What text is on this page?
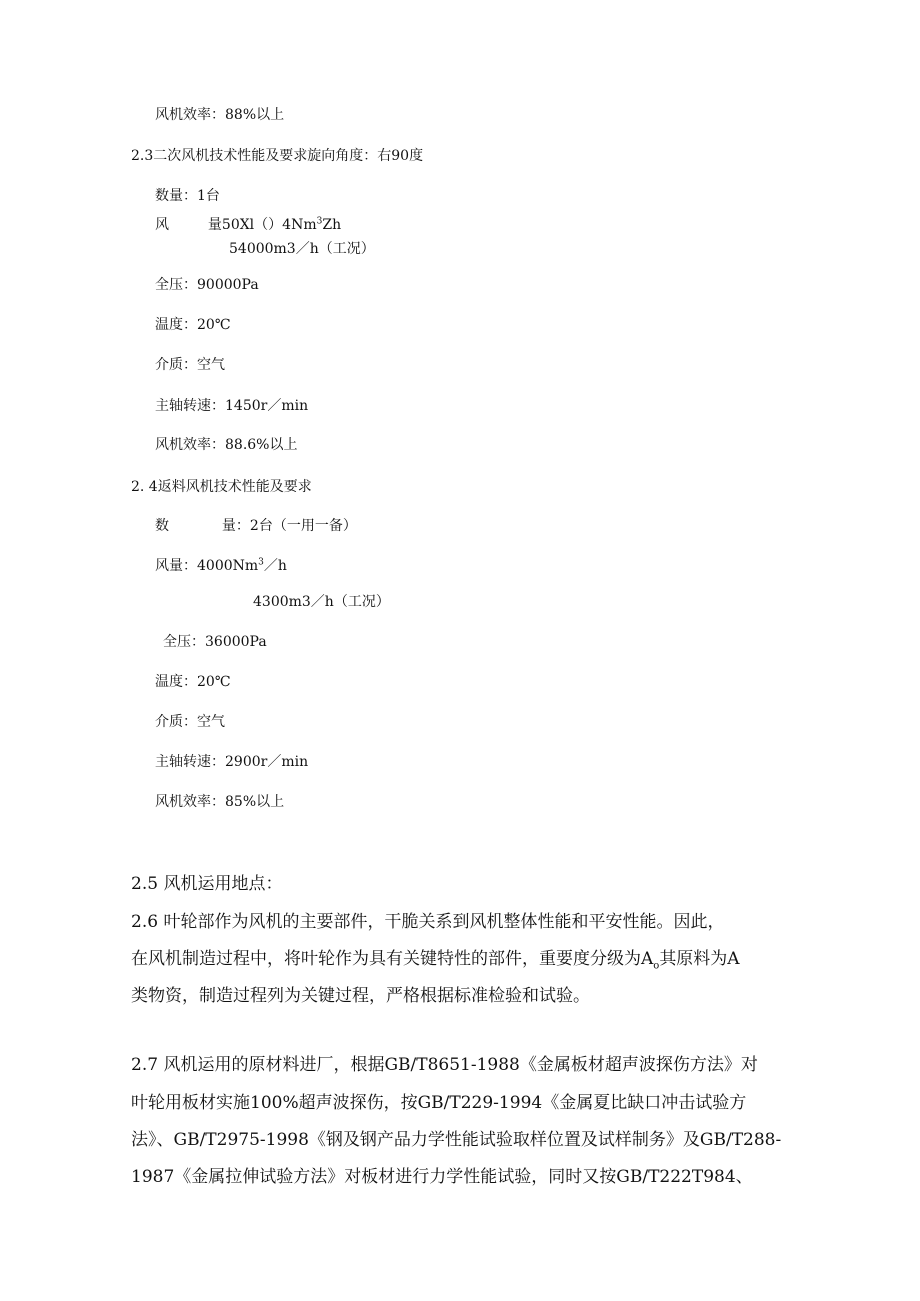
风机效率：88%以上
2.3二次风机技术性能及要求旋向角度：右90度
数量：1台
风	量50Xl（）4Nm$^3$Zh
54000m3／h（工况）
全压：90000Pa
温度：20℃
介质：空气
主轴转速：1450r／min
风机效率：88.6%以上
2. 4返料风机技术性能及要求
数	量：2台（一用一备）
风量：4000Nm$^3$／h
4300m3／h（工况）
全压：36000Pa
温度：20℃
介质：空气
主轴转速：2900r／min
风机效率：85%以上
2.5 风机运用地点：
2.6 叶轮部作为风机的主要部件，干脆关系到风机整体性能和平安性能。因此，
在风机制造过程中，将叶轮作为具有关键特性的部件，重要度分级为$A_o$其原料为A
类物资，制造过程列为关键过程，严格根据标准检验和试验。
2.7 风机运用的原材料进厂，根据GB/T8651-1988《金属板材超声波探伤方法》对
叶轮用板材实施100%超声波探伤，按GB/T229-1994《金属夏比缺口冲击试验方
法》、GB/T2975-1998《钢及钢产品力学性能试验取样位置及试样制务》及GB/T288-
1987《金属拉伸试验方法》对板材进行力学性能试验，同时又按GB/T222T984、
